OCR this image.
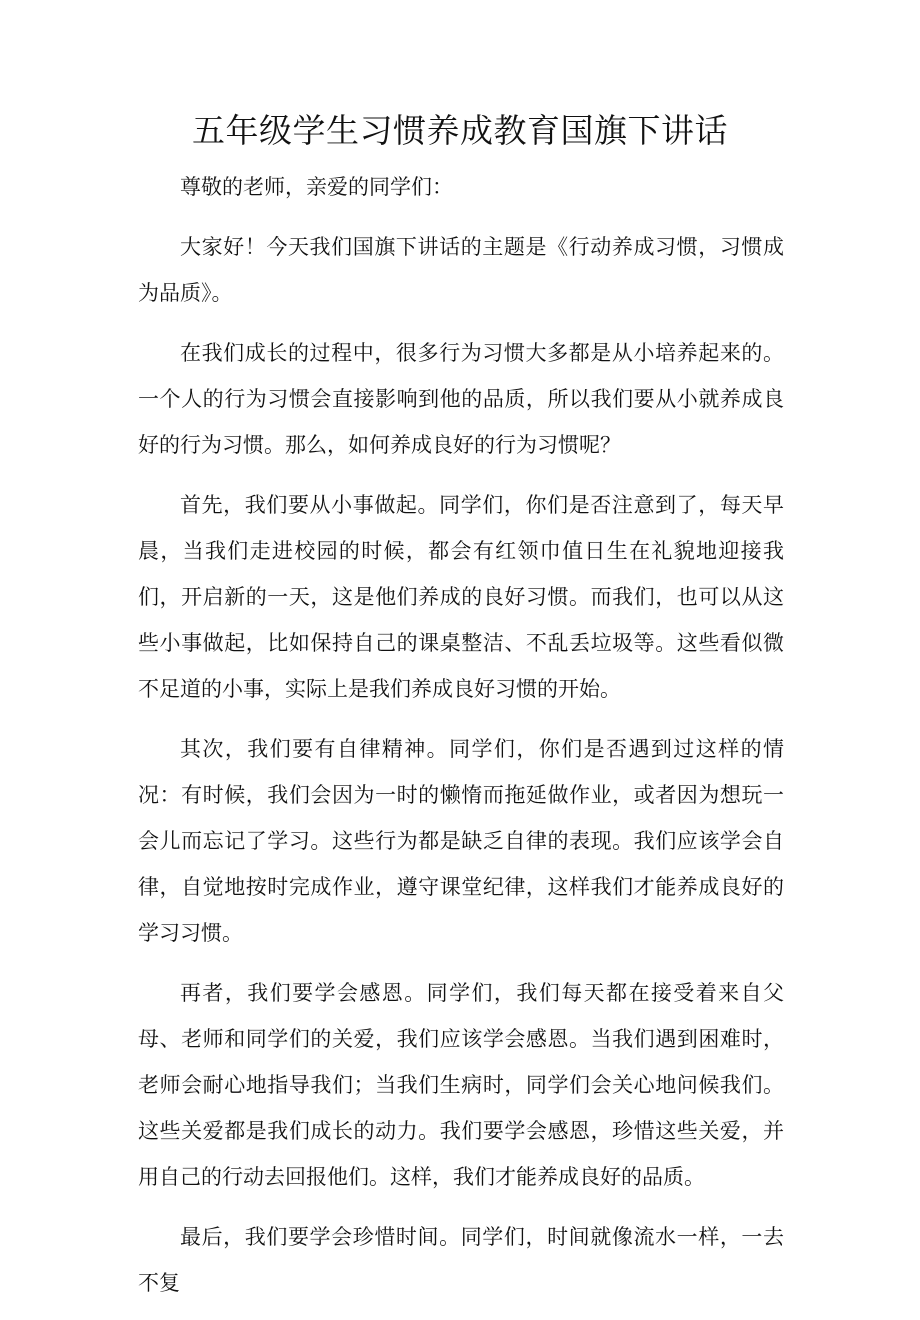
五年级学生习惯养成教育国旗下讲话

尊敬的老师，亲爱的同学们：

大家好！今天我们国旗下讲话的主题是《行动养成习惯，习惯成为品质》。

在我们成长的过程中，很多行为习惯大多都是从小培养起来的。一个人的行为习惯会直接影响到他的品质，所以我们要从小就养成良好的行为习惯。那么，如何养成良好的行为习惯呢？

首先，我们要从小事做起。同学们，你们是否注意到了，每天早晨，当我们走进校园的时候，都会有红领巾值日生在礼貌地迎接我们，开启新的一天，这是他们养成的良好习惯。而我们，也可以从这些小事做起，比如保持自己的课桌整洁、不乱丢垃圾等。这些看似微不足道的小事，实际上是我们养成良好习惯的开始。

其次，我们要有自律精神。同学们，你们是否遇到过这样的情况：有时候，我们会因为一时的懒惰而拖延做作业，或者因为想玩一会儿而忘记了学习。这些行为都是缺乏自律的表现。我们应该学会自律，自觉地按时完成作业，遵守课堂纪律，这样我们才能养成良好的学习习惯。

再者，我们要学会感恩。同学们，我们每天都在接受着来自父母、老师和同学们的关爱，我们应该学会感恩。当我们遇到困难时，老师会耐心地指导我们；当我们生病时，同学们会关心地问候我们。这些关爱都是我们成长的动力。我们要学会感恩，珍惜这些关爱，并用自己的行动去回报他们。这样，我们才能养成良好的品质。

最后，我们要学会珍惜时间。同学们，时间就像流水一样，一去不复
